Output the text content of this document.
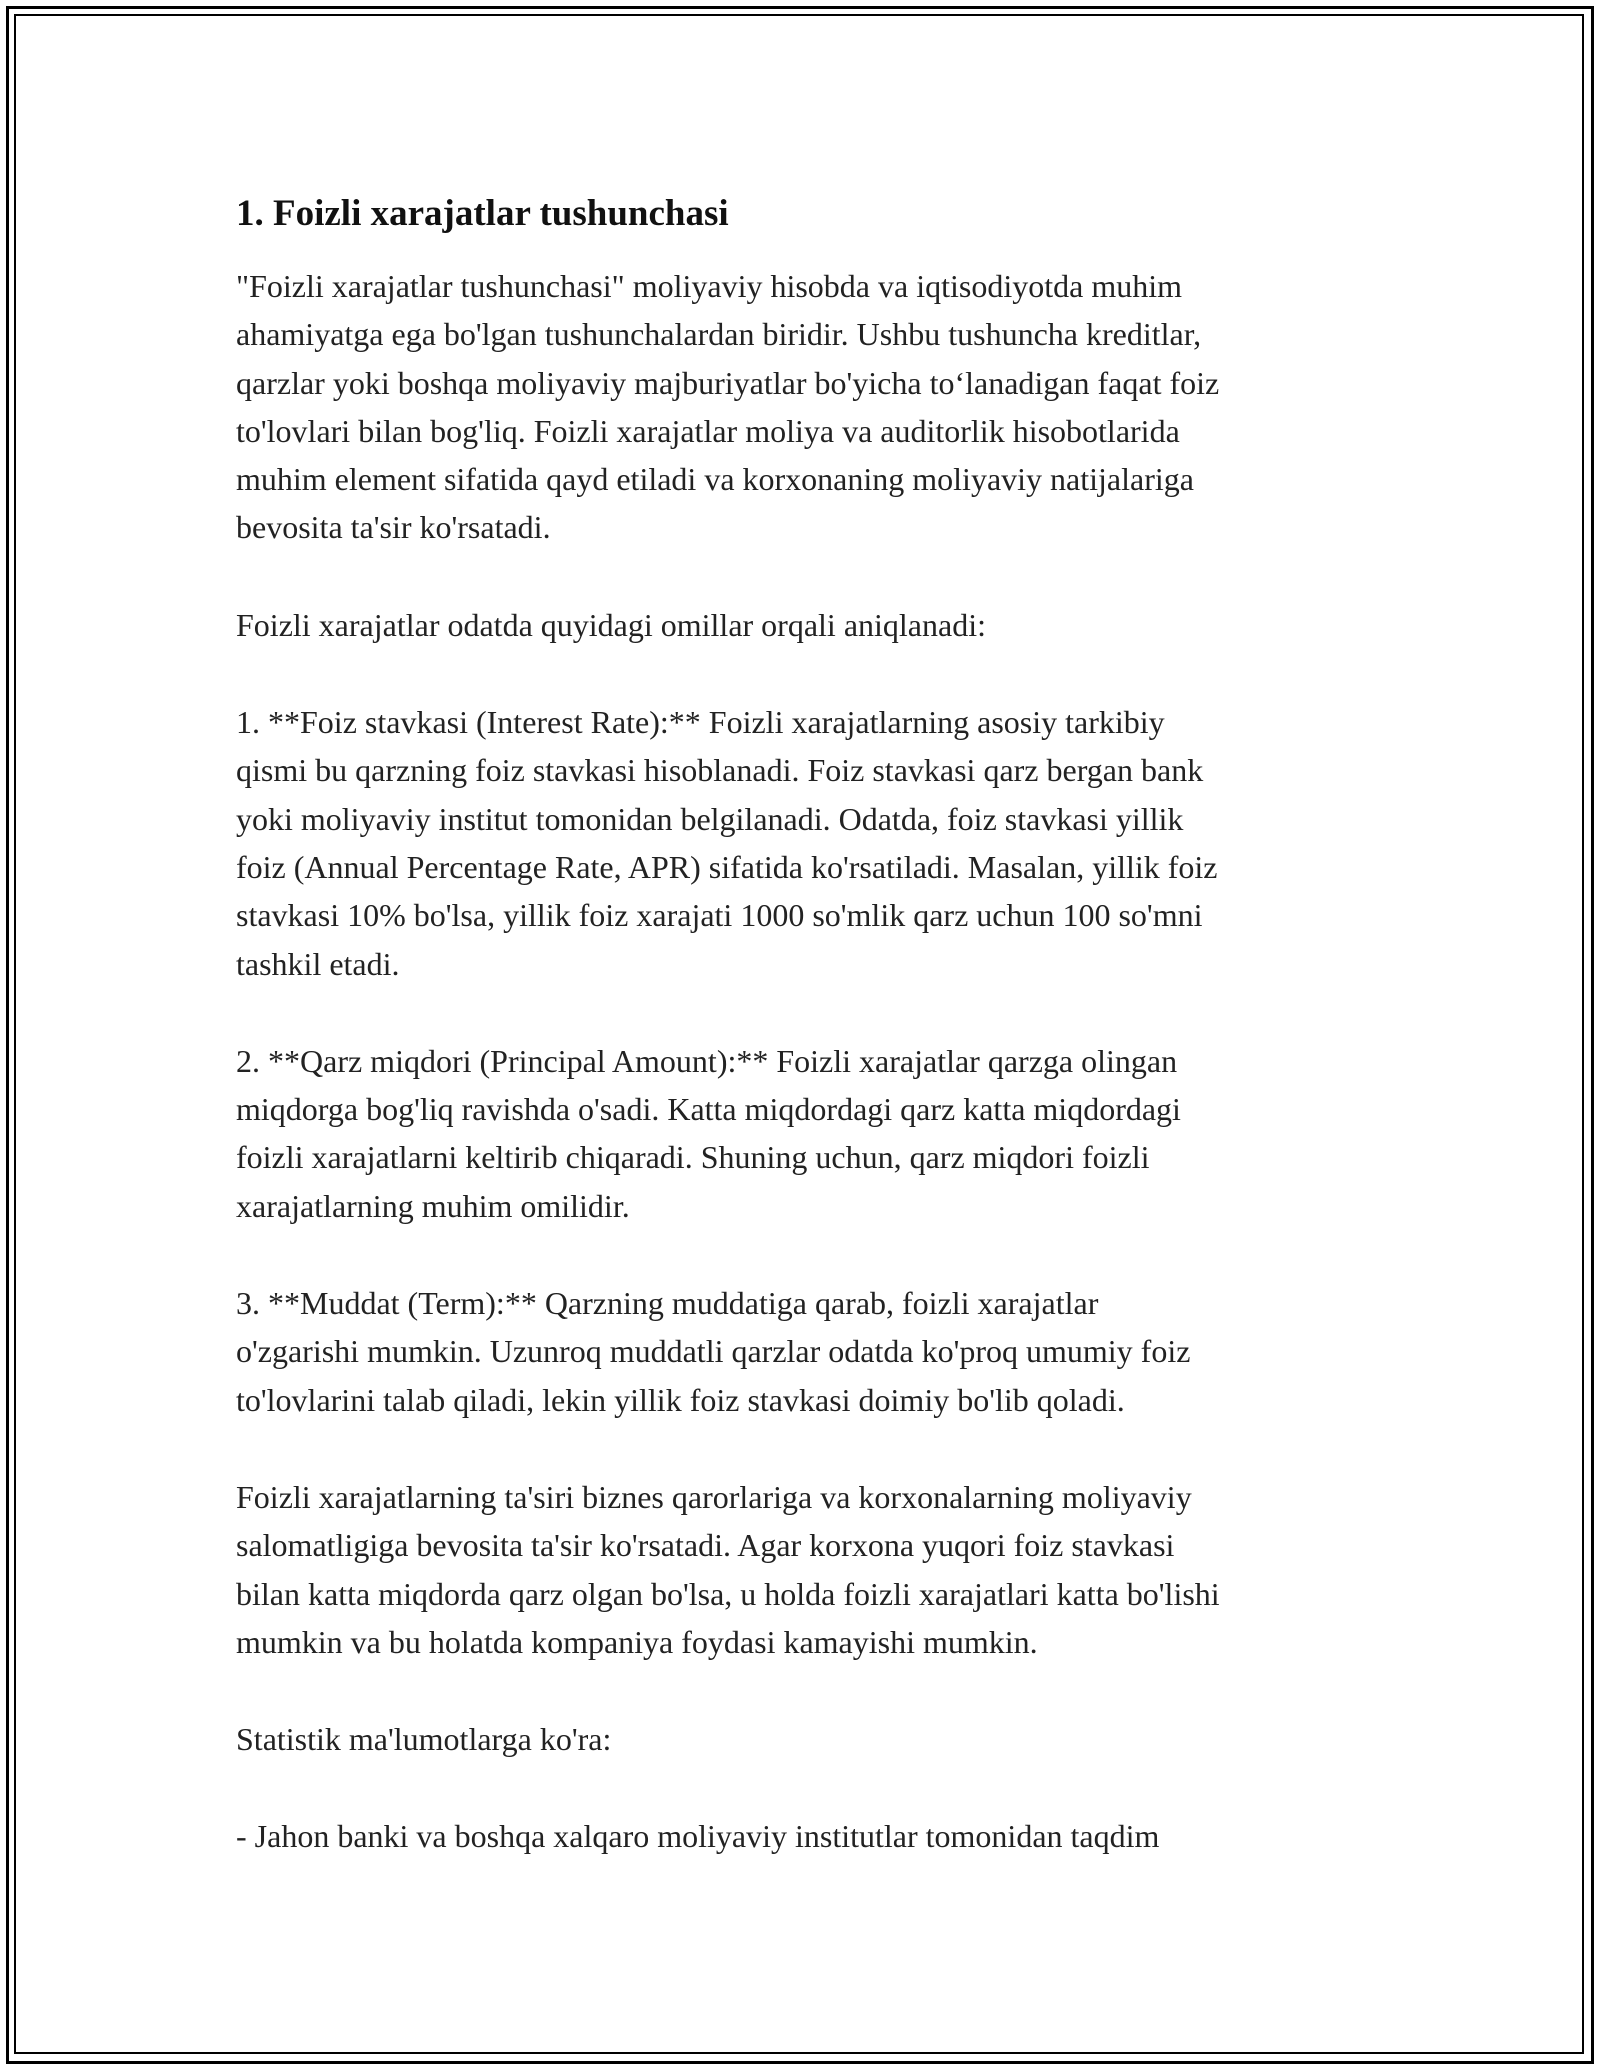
1. Foizli xarajatlar tushunchasi

"Foizli xarajatlar tushunchasi" moliyaviy hisobda va iqtisodiyotda muhim
ahamiyatga ega bo'lgan tushunchalardan biridir. Ushbu tushuncha kreditlar,
qarzlar yoki boshqa moliyaviy majburiyatlar bo'yicha to‘lanadigan faqat foiz
to'lovlari bilan bog'liq. Foizli xarajatlar moliya va auditorlik hisobotlarida
muhim element sifatida qayd etiladi va korxonaning moliyaviy natijalariga
bevosita ta'sir ko'rsatadi.

Foizli xarajatlar odatda quyidagi omillar orqali aniqlanadi:

1. **Foiz stavkasi (Interest Rate):** Foizli xarajatlarning asosiy tarkibiy
qismi bu qarzning foiz stavkasi hisoblanadi. Foiz stavkasi qarz bergan bank
yoki moliyaviy institut tomonidan belgilanadi. Odatda, foiz stavkasi yillik
foiz (Annual Percentage Rate, APR) sifatida ko'rsatiladi. Masalan, yillik foiz
stavkasi 10% bo'lsa, yillik foiz xarajati 1000 so'mlik qarz uchun 100 so'mni
tashkil etadi.

2. **Qarz miqdori (Principal Amount):** Foizli xarajatlar qarzga olingan
miqdorga bog'liq ravishda o'sadi. Katta miqdordagi qarz katta miqdordagi
foizli xarajatlarni keltirib chiqaradi. Shuning uchun, qarz miqdori foizli
xarajatlarning muhim omilidir.

3. **Muddat (Term):** Qarzning muddatiga qarab, foizli xarajatlar
o'zgarishi mumkin. Uzunroq muddatli qarzlar odatda ko'proq umumiy foiz
to'lovlarini talab qiladi, lekin yillik foiz stavkasi doimiy bo'lib qoladi.

Foizli xarajatlarning ta'siri biznes qarorlariga va korxonalarning moliyaviy
salomatligiga bevosita ta'sir ko'rsatadi. Agar korxona yuqori foiz stavkasi
bilan katta miqdorda qarz olgan bo'lsa, u holda foizli xarajatlari katta bo'lishi
mumkin va bu holatda kompaniya foydasi kamayishi mumkin.

Statistik ma'lumotlarga ko'ra:

- Jahon banki va boshqa xalqaro moliyaviy institutlar tomonidan taqdim
